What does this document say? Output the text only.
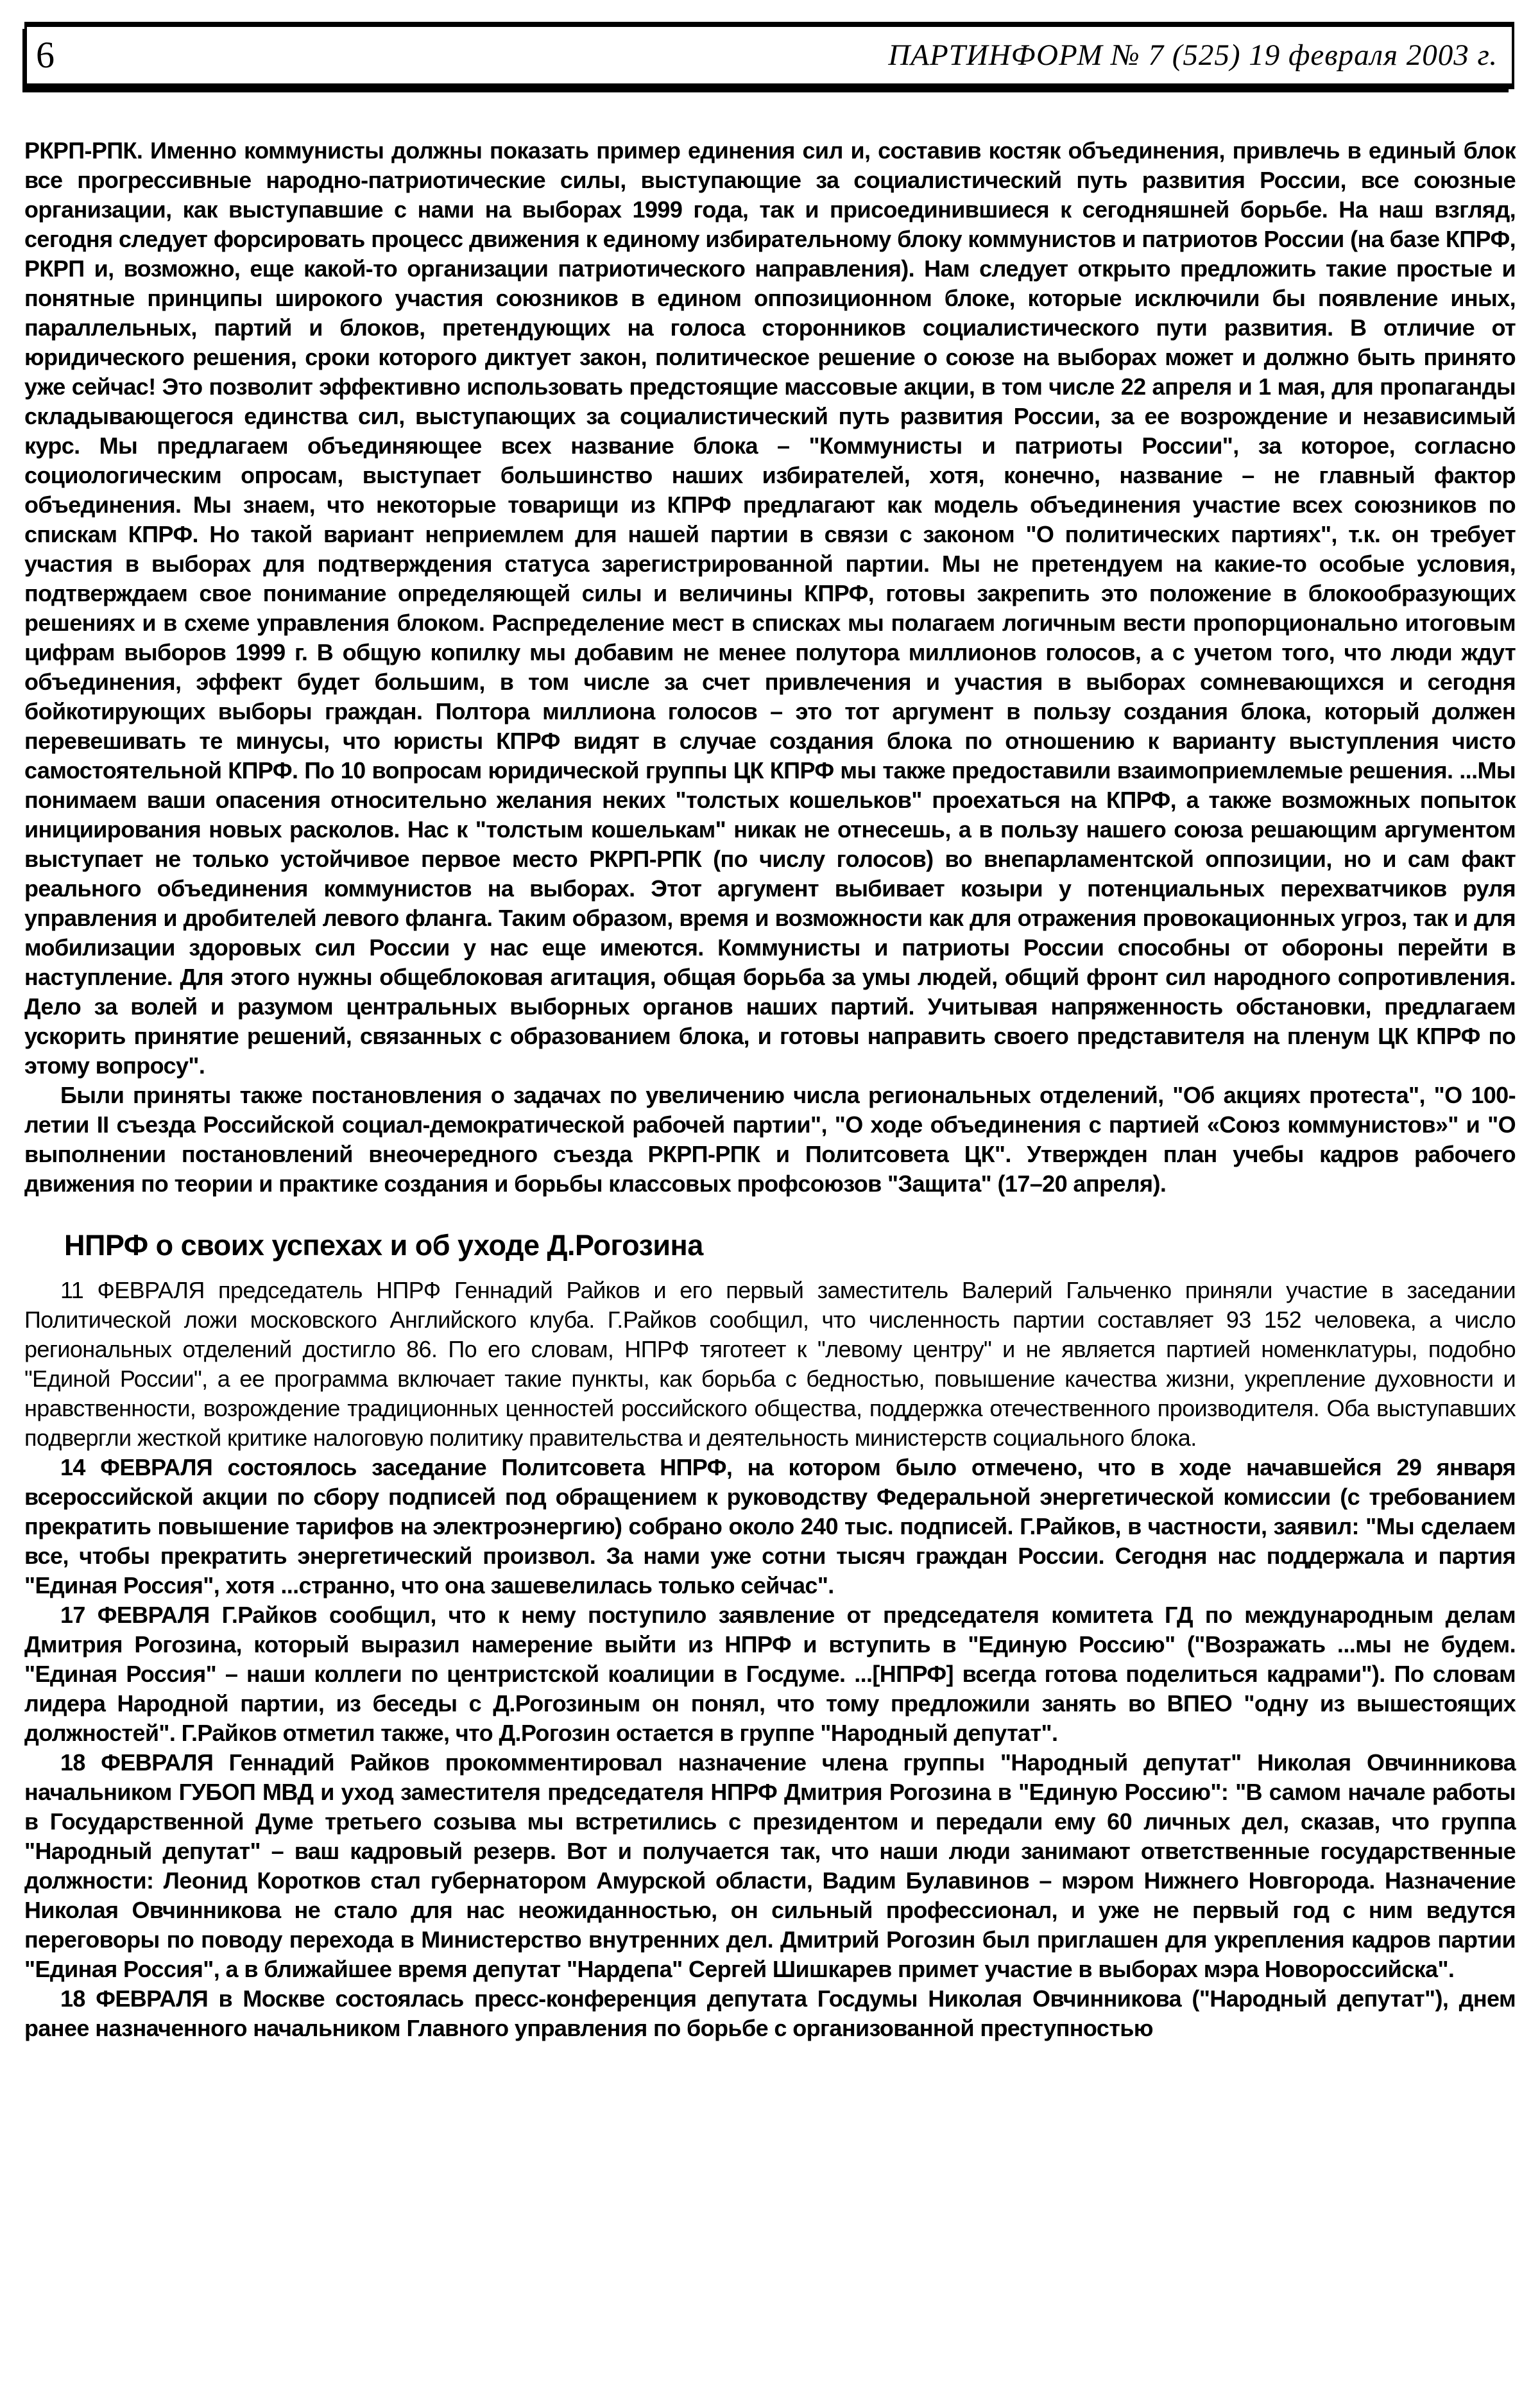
6	ПАРТИНФОРМ № 7 (525) 19 февраля 2003 г.

РКРП-РПК. Именно коммунисты должны показать пример единения сил и, составив костяк объединения, привлечь в единый блок все прогрессивные народно-патриотические силы, выступающие за социалистический путь развития России, все союзные организации, как выступавшие с нами на выборах 1999 года, так и присоединившиеся к сегодняшней борьбе. На наш взгляд, сегодня следует форсировать процесс движения к единому избирательному блоку коммунистов и патриотов России (на базе КПРФ, РКРП и, возможно, еще какой-то организации патриотического направления). Нам следует открыто предложить такие простые и понятные принципы широкого участия союзников в едином оппозиционном блоке, которые исключили бы появление иных, параллельных, партий и блоков, претендующих на голоса сторонников социалистического пути развития. В отличие от юридического решения, сроки которого диктует закон, политическое решение о союзе на выборах может и должно быть принято уже сейчас! Это позволит эффективно использовать предстоящие массовые акции, в том числе 22 апреля и 1 мая, для пропаганды складывающегося единства сил, выступающих за социалистический путь развития России, за ее возрождение и независимый курс. Мы предлагаем объединяющее всех название блока – "Коммунисты и патриоты России", за которое, согласно социологическим опросам, выступает большинство наших избирателей, хотя, конечно, название – не главный фактор объединения. Мы знаем, что некоторые товарищи из КПРФ предлагают как модель объединения участие всех союзников по спискам КПРФ. Но такой вариант неприемлем для нашей партии в связи с законом "О политических партиях", т.к. он требует участия в выборах для подтверждения статуса зарегистрированной партии. Мы не претендуем на какие-то особые условия, подтверждаем свое понимание определяющей силы и величины КПРФ, готовы закрепить это положение в блокообразующих решениях и в схеме управления блоком. Распределение мест в списках мы полагаем логичным вести пропорционально итоговым цифрам выборов 1999 г. В общую копилку мы добавим не менее полутора миллионов голосов, а с учетом того, что люди ждут объединения, эффект будет большим, в том числе за счет привлечения и участия в выборах сомневающихся и сегодня бойкотирующих выборы граждан. Полтора миллиона голосов – это тот аргумент в пользу создания блока, который должен перевешивать те минусы, что юристы КПРФ видят в случае создания блока по отношению к варианту выступления чисто самостоятельной КПРФ. По 10 вопросам юридической группы ЦК КПРФ мы также предоставили взаимоприемлемые решения. ...Мы понимаем ваши опасения относительно желания неких "толстых кошельков" проехаться на КПРФ, а также возможных попыток инициирования новых расколов. Нас к "толстым кошелькам" никак не отнесешь, а в пользу нашего союза решающим аргументом выступает не только устойчивое первое место РКРП-РПК (по числу голосов) во внепарламентской оппозиции, но и сам факт реального объединения коммунистов на выборах. Этот аргумент выбивает козыри у потенциальных перехватчиков руля управления и дробителей левого фланга. Таким образом, время и возможности как для отражения провокационных угроз, так и для мобилизации здоровых сил России у нас еще имеются. Коммунисты и патриоты России способны от обороны перейти в наступление. Для этого нужны общеблоковая агитация, общая борьба за умы людей, общий фронт сил народного сопротивления. Дело за волей и разумом центральных выборных органов наших партий. Учитывая напряженность обстановки, предлагаем ускорить принятие решений, связанных с образованием блока, и готовы направить своего представителя на пленум ЦК КПРФ по этому вопросу".

Были приняты также постановления о задачах по увеличению числа региональных отделений, "Об акциях протеста", "О 100-летии II съезда Российской социал-демократической рабочей партии", "О ходе объединения с партией «Союз коммунистов»" и "О выполнении постановлений внеочередного съезда РКРП-РПК и Политсовета ЦК". Утвержден план учебы кадров рабочего движения по теории и практике создания и борьбы классовых профсоюзов "Защита" (17–20 апреля).

НПРФ о своих успехах и об уходе Д.Рогозина

11 ФЕВРАЛЯ председатель НПРФ Геннадий Райков и его первый заместитель Валерий Гальченко приняли участие в заседании Политической ложи московского Английского клуба. Г.Райков сообщил, что численность партии составляет 93 152 человека, а число региональных отделений достигло 86. По его словам, НПРФ тяготеет к "левому центру" и не является партией номенклатуры, подобно "Единой России", а ее программа включает такие пункты, как борьба с бедностью, повышение качества жизни, укрепление духовности и нравственности, возрождение традиционных ценностей российского общества, поддержка отечественного производителя. Оба выступавших подвергли жесткой критике налоговую политику правительства и деятельность министерств социального блока.

14 ФЕВРАЛЯ состоялось заседание Политсовета НПРФ, на котором было отмечено, что в ходе начавшейся 29 января всероссийской акции по сбору подписей под обращением к руководству Федеральной энергетической комиссии (с требованием прекратить повышение тарифов на электроэнергию) собрано около 240 тыс. подписей. Г.Райков, в частности, заявил: "Мы сделаем все, чтобы прекратить энергетический произвол. За нами уже сотни тысяч граждан России. Сегодня нас поддержала и партия "Единая Россия", хотя ...странно, что она зашевелилась только сейчас".

17 ФЕВРАЛЯ Г.Райков сообщил, что к нему поступило заявление от председателя комитета ГД по международным делам Дмитрия Рогозина, который выразил намерение выйти из НПРФ и вступить в "Единую Россию" ("Возражать ...мы не будем. "Единая Россия" – наши коллеги по центристской коалиции в Госдуме. ...[НПРФ] всегда готова поделиться кадрами"). По словам лидера Народной партии, из беседы с Д.Рогозиным он понял, что тому предложили занять во ВПЕО "одну из вышестоящих должностей". Г.Райков отметил также, что Д.Рогозин остается в группе "Народный депутат".

18 ФЕВРАЛЯ Геннадий Райков прокомментировал назначение члена группы "Народный депутат" Николая Овчинникова начальником ГУБОП МВД и уход заместителя председателя НПРФ Дмитрия Рогозина в "Единую Россию": "В самом начале работы в Государственной Думе третьего созыва мы встретились с президентом и передали ему 60 личных дел, сказав, что группа "Народный депутат" – ваш кадровый резерв. Вот и получается так, что наши люди занимают ответственные государственные должности: Леонид Коротков стал губернатором Амурской области, Вадим Булавинов – мэром Нижнего Новгорода. Назначение Николая Овчинникова не стало для нас неожиданностью, он сильный профессионал, и уже не первый год с ним ведутся переговоры по поводу перехода в Министерство внутренних дел. Дмитрий Рогозин был приглашен для укрепления кадров партии "Единая Россия", а в ближайшее время депутат "Нардепа" Сергей Шишкарев примет участие в выборах мэра Новороссийска".

18 ФЕВРАЛЯ в Москве состоялась пресс-конференция депутата Госдумы Николая Овчинникова ("Народный депутат"), днем ранее назначенного начальником Главного управления по борьбе с организованной преступностью
